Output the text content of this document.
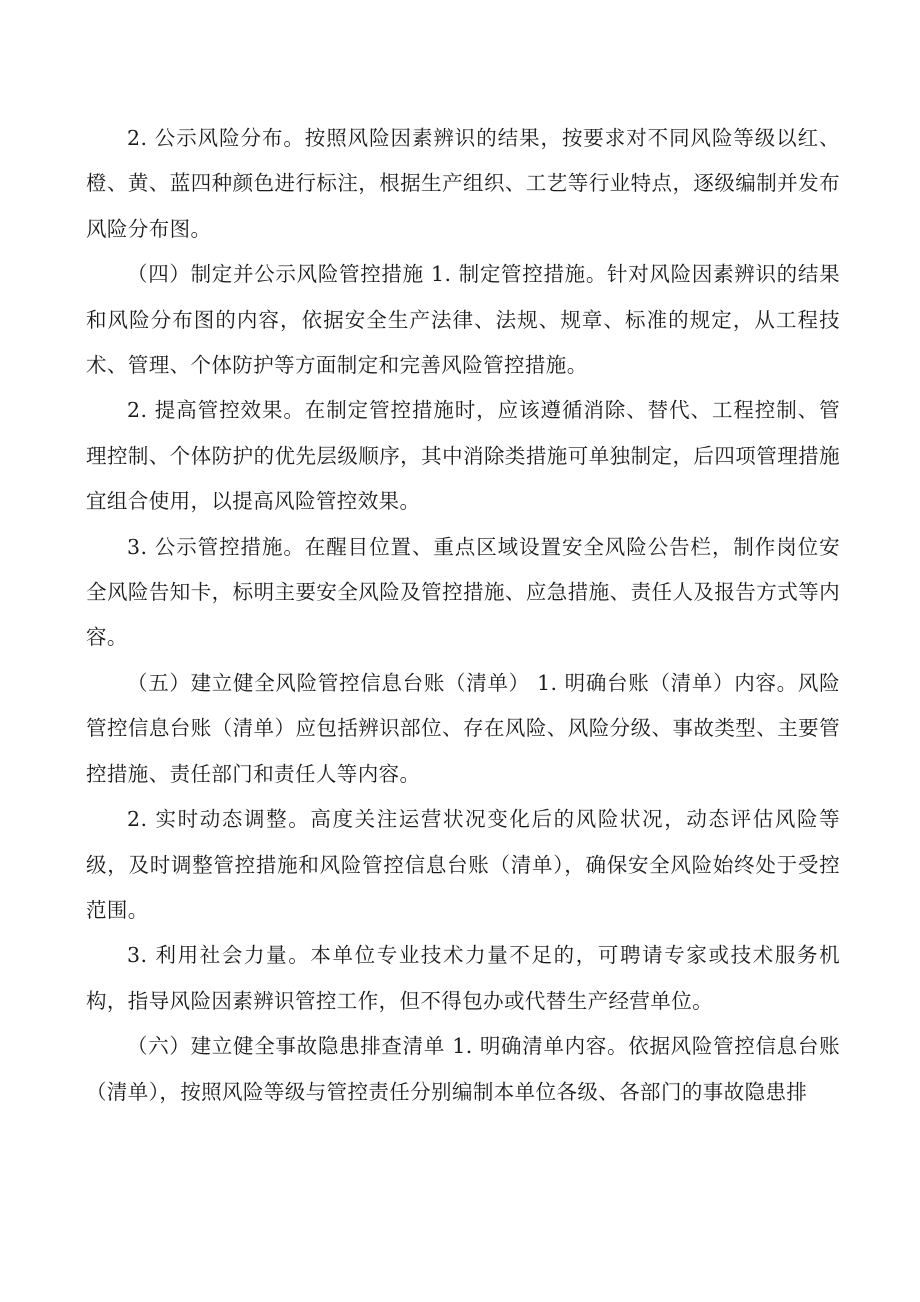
2. 公示风险分布。按照风险因素辨识的结果，按要求对不同风险等级以红、橙、黄、蓝四种颜色进行标注，根据生产组织、工艺等行业特点，逐级编制并发布风险分布图。

（四）制定并公示风险管控措施 1. 制定管控措施。针对风险因素辨识的结果和风险分布图的内容，依据安全生产法律、法规、规章、标准的规定，从工程技术、管理、个体防护等方面制定和完善风险管控措施。

2. 提高管控效果。在制定管控措施时，应该遵循消除、替代、工程控制、管理控制、个体防护的优先层级顺序，其中消除类措施可单独制定，后四项管理措施宜组合使用，以提高风险管控效果。

3. 公示管控措施。在醒目位置、重点区域设置安全风险公告栏，制作岗位安全风险告知卡，标明主要安全风险及管控措施、应急措施、责任人及报告方式等内容。

（五）建立健全风险管控信息台账（清单） 1. 明确台账（清单）内容。风险管控信息台账（清单）应包括辨识部位、存在风险、风险分级、事故类型、主要管控措施、责任部门和责任人等内容。

2. 实时动态调整。高度关注运营状况变化后的风险状况，动态评估风险等级，及时调整管控措施和风险管控信息台账（清单），确保安全风险始终处于受控范围。

3. 利用社会力量。本单位专业技术力量不足的，可聘请专家或技术服务机构，指导风险因素辨识管控工作，但不得包办或代替生产经营单位。

（六）建立健全事故隐患排查清单 1. 明确清单内容。依据风险管控信息台账（清单），按照风险等级与管控责任分别编制本单位各级、各部门的事故隐患排
